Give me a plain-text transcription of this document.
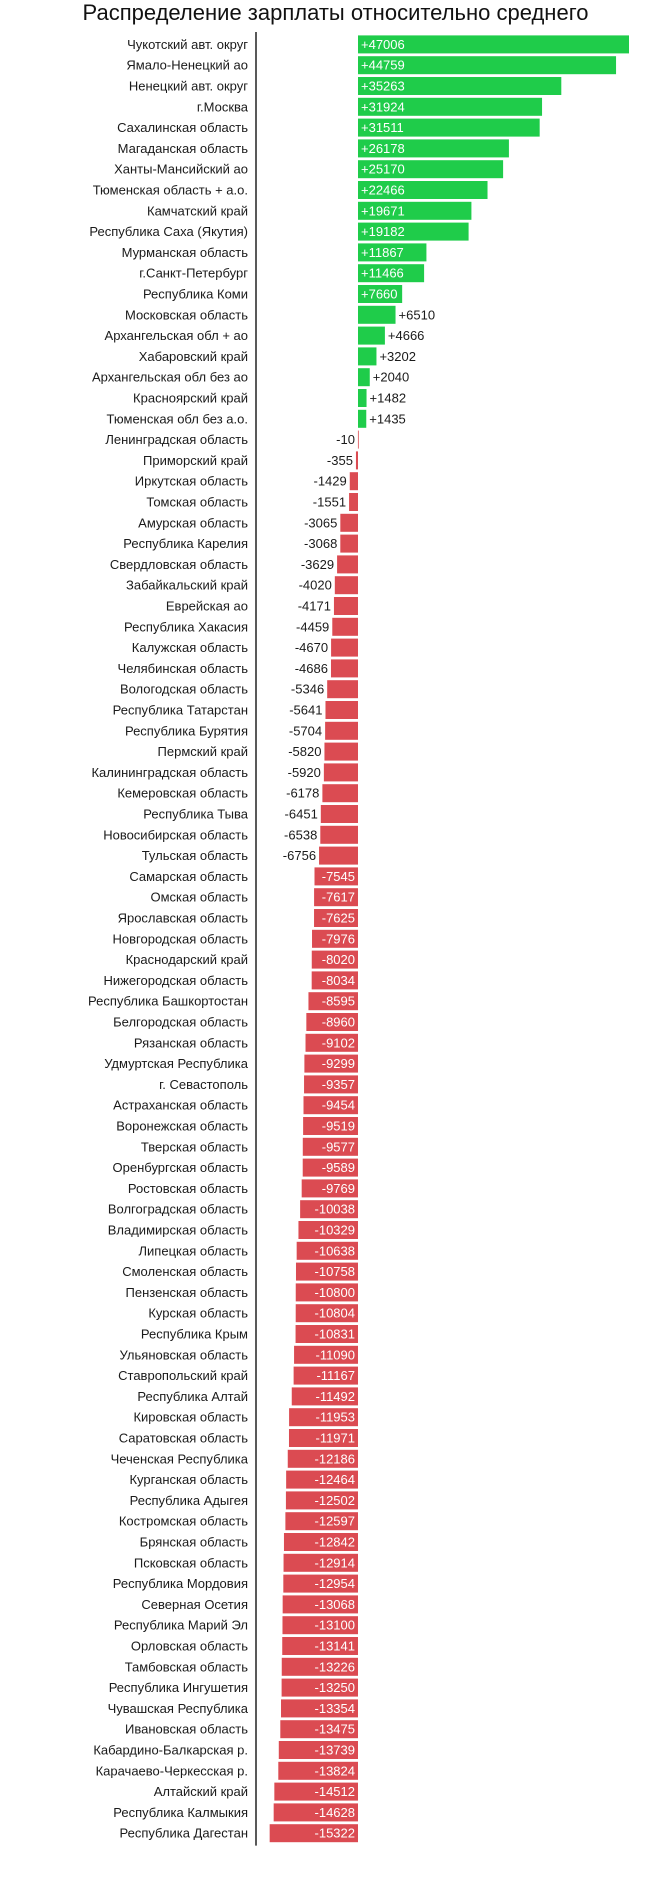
Распределение зарплаты относительно среднего
Чукотский авт. округ
Ямало-Ненецкий ао
Ненецкий авт. округ
г.Москва
Сахалинская область
Магаданская область
Ханты-Мансийский ао
Тюменская область + а.о.
Камчатский край
Республика Саха (Якутия)
Мурманская область
г.Санкт-Петербург
Республика Коми
Московская область
Архангельская обл + ао
Хабаровский край
Архангельская обл без ао
Красноярский край
Тюменская обл без а.о.
Ленинградская область
Приморский край
Иркутская область
Томская область
Амурская область
Республика Карелия
Свердловская область
Забайкальский край
Еврейская ао
Республика Хакасия
Калужская область
Челябинская область
Вологодская область
Республика Татарстан
Республика Бурятия
Пермский край
Калининградская область
Кемеровская область
Республика Тыва
Новосибирская область
Тульская область
Самарская область
Омская область
Ярославская область
Новгородская область
Краснодарский край
Нижегородская область
Республика Башкортостан
Белгородская область
Рязанская область
Удмуртская Республика
г. Севастополь
Астраханская область
Воронежская область
Тверская область
Оренбургская область
Ростовская область
Волгоградская область
Владимирская область
Липецкая область
Смоленская область
Пензенская область
Курская область
Республика Крым
Ульяновская область
Ставропольский край
Республика Алтай
Кировская область
Саратовская область
Чеченская Республика
Курганская область
Республика Адыгея
Костромская область
Брянская область
Псковская область
Республика Мордовия
Северная Осетия
Республика Марий Эл
Орловская область
Тамбовская область
Республика Ингушетия
Чувашская Республика
Ивановская область
Кабардино-Балкарская р.
Карачаево-Черкесская р.
Алтайский край
Республика Калмыкия
Республика Дагестан
+47006
+44759
+35263
+31924
+31511
+26178
+25170
+22466
+19671
+19182
+11867
+11466
+7660
+6510
+4666
+3202
+2040
+1482
+1435
-10
-355
-1429
-1551
-3065
-3068
-3629
-4020
-4171
-4459
-4670
-4686
-5346
-5641
-5704
-5820
-5920
-6178
-6451
-6538
-6756
-7545
-7617
-7625
-7976
-8020
-8034
-8595
-8960
-9102
-9299
-9357
-9454
-9519
-9577
-9589
-9769
-10038
-10329
-10638
-10758
-10800
-10804
-10831
-11090
-11167
-11492
-11953
-11971
-12186
-12464
-12502
-12597
-12842
-12914
-12954
-13068
-13100
-13141
-13226
-13250
-13354
-13475
-13739
-13824
-14512
-14628
-15322
